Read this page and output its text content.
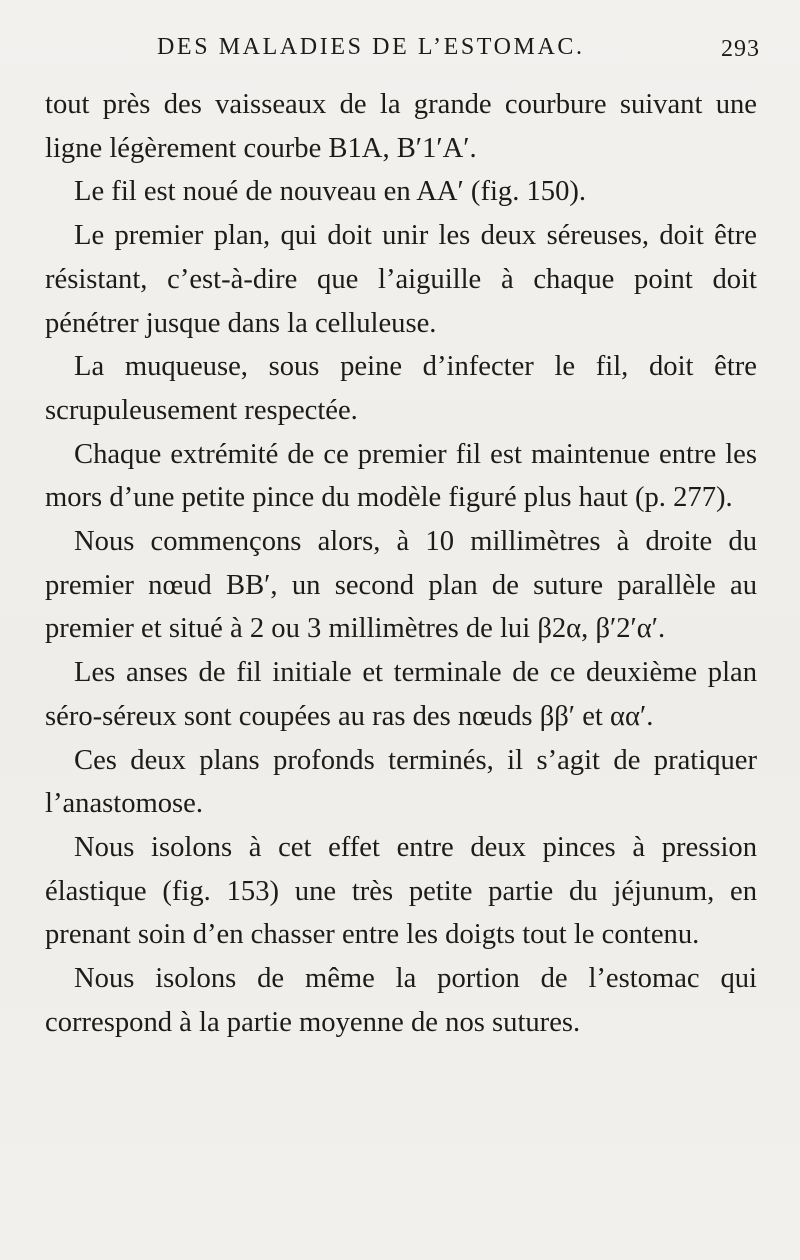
DES MALADIES DE L’ESTOMAC.	293

tout près des vaisseaux de la grande courbure suivant une ligne légèrement courbe B1A, B′1′A′.

Le fil est noué de nouveau en AA′ (fig. 150).

Le premier plan, qui doit unir les deux séreuses, doit être résistant, c’est-à-dire que l’aiguille à chaque point doit pénétrer jusque dans la celluleuse.

La muqueuse, sous peine d’infecter le fil, doit être scrupuleusement respectée.

Chaque extrémité de ce premier fil est maintenue entre les mors d’une petite pince du modèle figuré plus haut (p. 277).

Nous commençons alors, à 10 millimètres à droite du premier nœud BB′, un second plan de suture parallèle au premier et situé à 2 ou 3 millimètres de lui β2α, β′2′α′.

Les anses de fil initiale et terminale de ce deuxième plan séro-séreux sont coupées au ras des nœuds ββ′ et αα′.

Ces deux plans profonds terminés, il s’agit de pratiquer l’anastomose.

Nous isolons à cet effet entre deux pinces à pression élastique (fig. 153) une très petite partie du jéjunum, en prenant soin d’en chasser entre les doigts tout le contenu.

Nous isolons de même la portion de l’estomac qui correspond à la partie moyenne de nos sutures.
